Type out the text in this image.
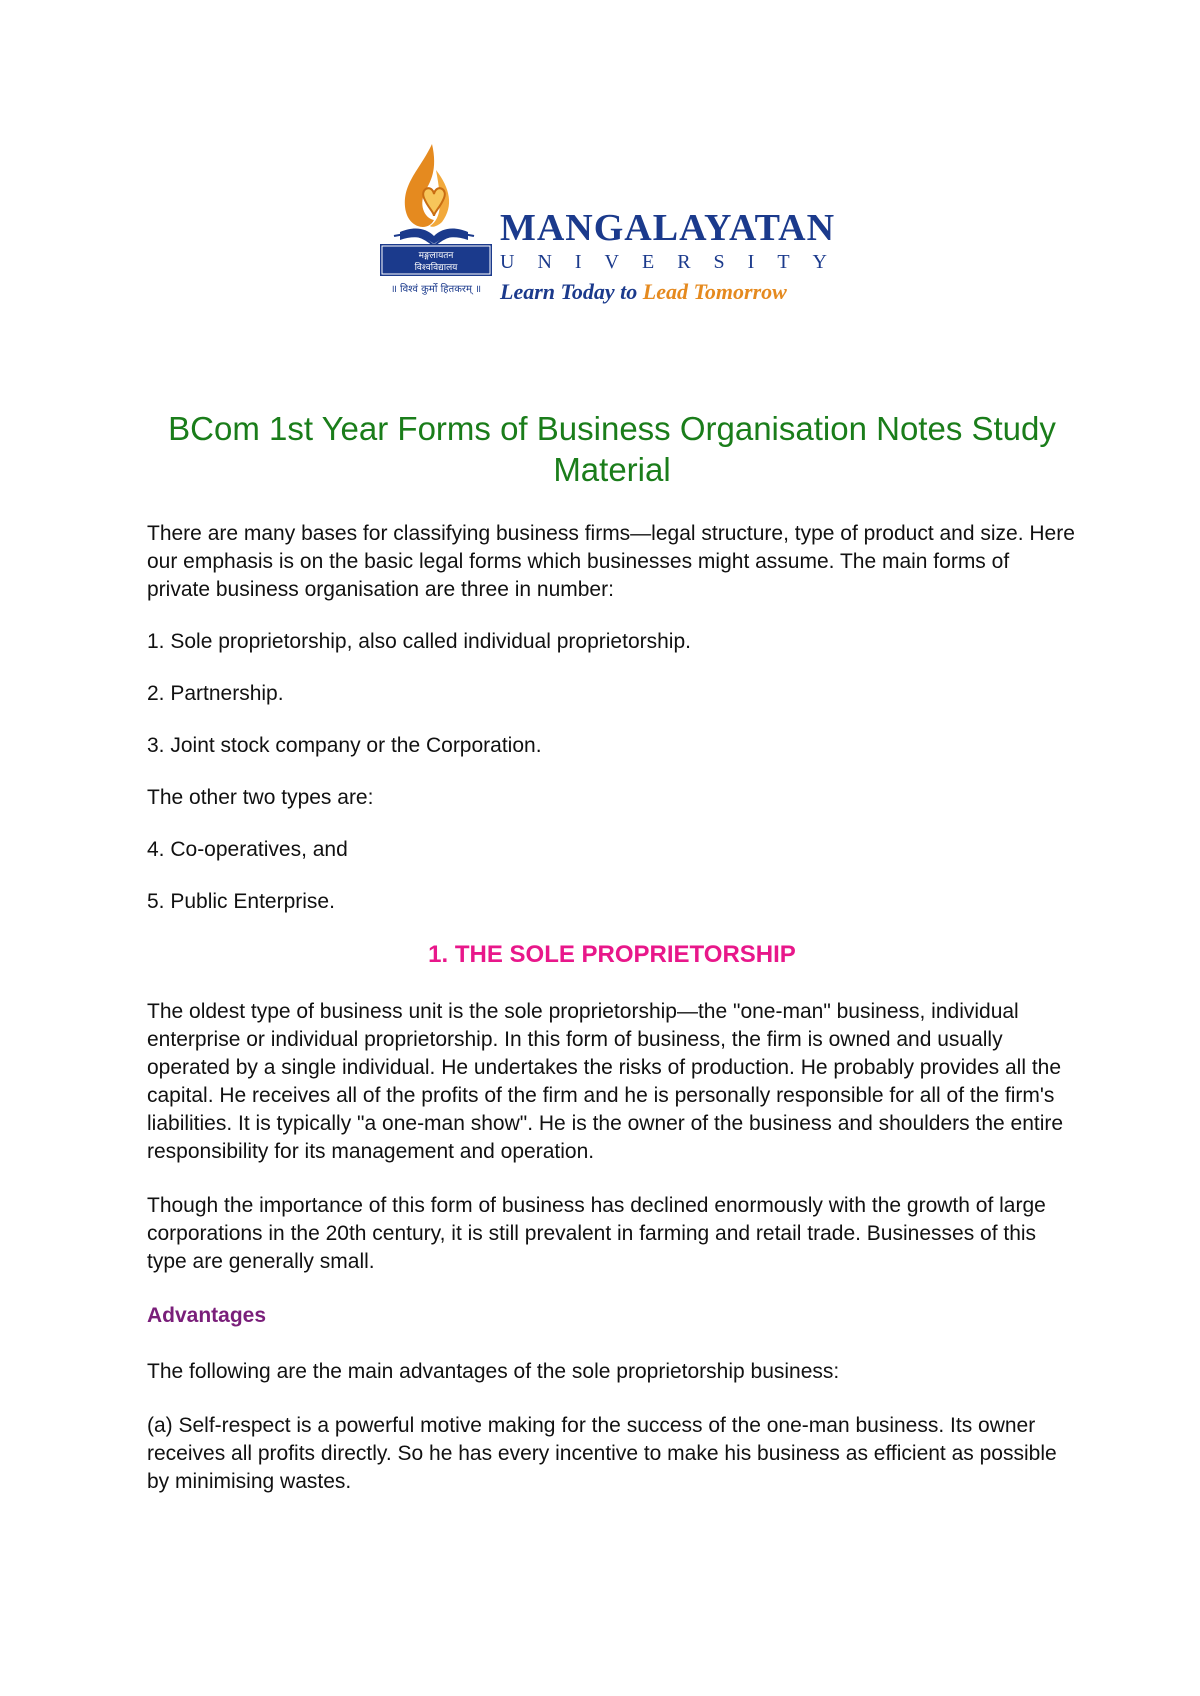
मङ्गलायतन
विश्वविद्यालय
॥ विश्वं कुर्मो हितकरम् ॥
MANGALAYATAN
UNIVERSITY
Learn Today to Lead Tomorrow
BCom 1st Year Forms of Business Organisation Notes Study Material

There are many bases for classifying business firms—legal structure, type of product and size. Here our emphasis is on the basic legal forms which businesses might assume. The main forms of private business organisation are three in number:

1. Sole proprietorship, also called individual proprietorship.

2. Partnership.

3. Joint stock company or the Corporation.

The other two types are:

4. Co-operatives, and

5. Public Enterprise.

1. THE SOLE PROPRIETORSHIP

The oldest type of business unit is the sole proprietorship—the "one-man" business, individual enterprise or individual proprietorship. In this form of business, the firm is owned and usually operated by a single individual. He undertakes the risks of production. He probably provides all the capital. He receives all of the profits of the firm and he is personally responsible for all of the firm's liabilities. It is typically "a one-man show". He is the owner of the business and shoulders the entire responsibility for its management and operation.

Though the importance of this form of business has declined enormously with the growth of large corporations in the 20th century, it is still prevalent in farming and retail trade. Businesses of this type are generally small.

Advantages

The following are the main advantages of the sole proprietorship business:

(a) Self-respect is a powerful motive making for the success of the one-man business. Its owner receives all profits directly. So he has every incentive to make his business as efficient as possible by minimising wastes.
